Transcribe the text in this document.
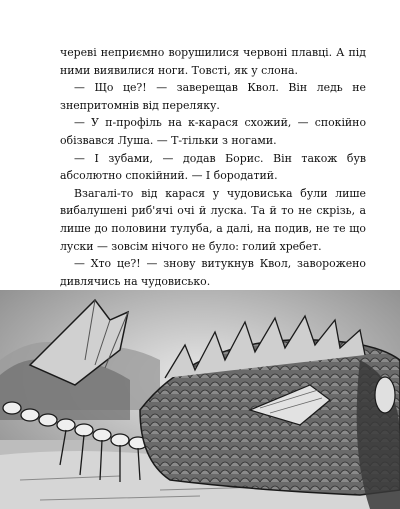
череві неприємно ворушилися червоні плавці. А під ними виявилися ноги. Товсті, як у слона.

— Що це?! — заверещав Квол. Він ледь не знепритомнів від переляку.

— У п-профіль на к-карася схожий, — спокійно обізвався Луша. — Т-тільки з ногами.

— І зубами, — додав Борис. Він також був абсолютно спокійний. — І бородатий.

Взагалі-то від карася у чудовиська були лише вибалушені риб'ячі очі й луска. Та й то не скрізь, а лише до половини тулуба, а далі, на подив, не те що луски — зовсім нічого не було: голий хребет.

— Хто це?! — знову витукнув Квол, заворожено дивлячись на чудовисько.
